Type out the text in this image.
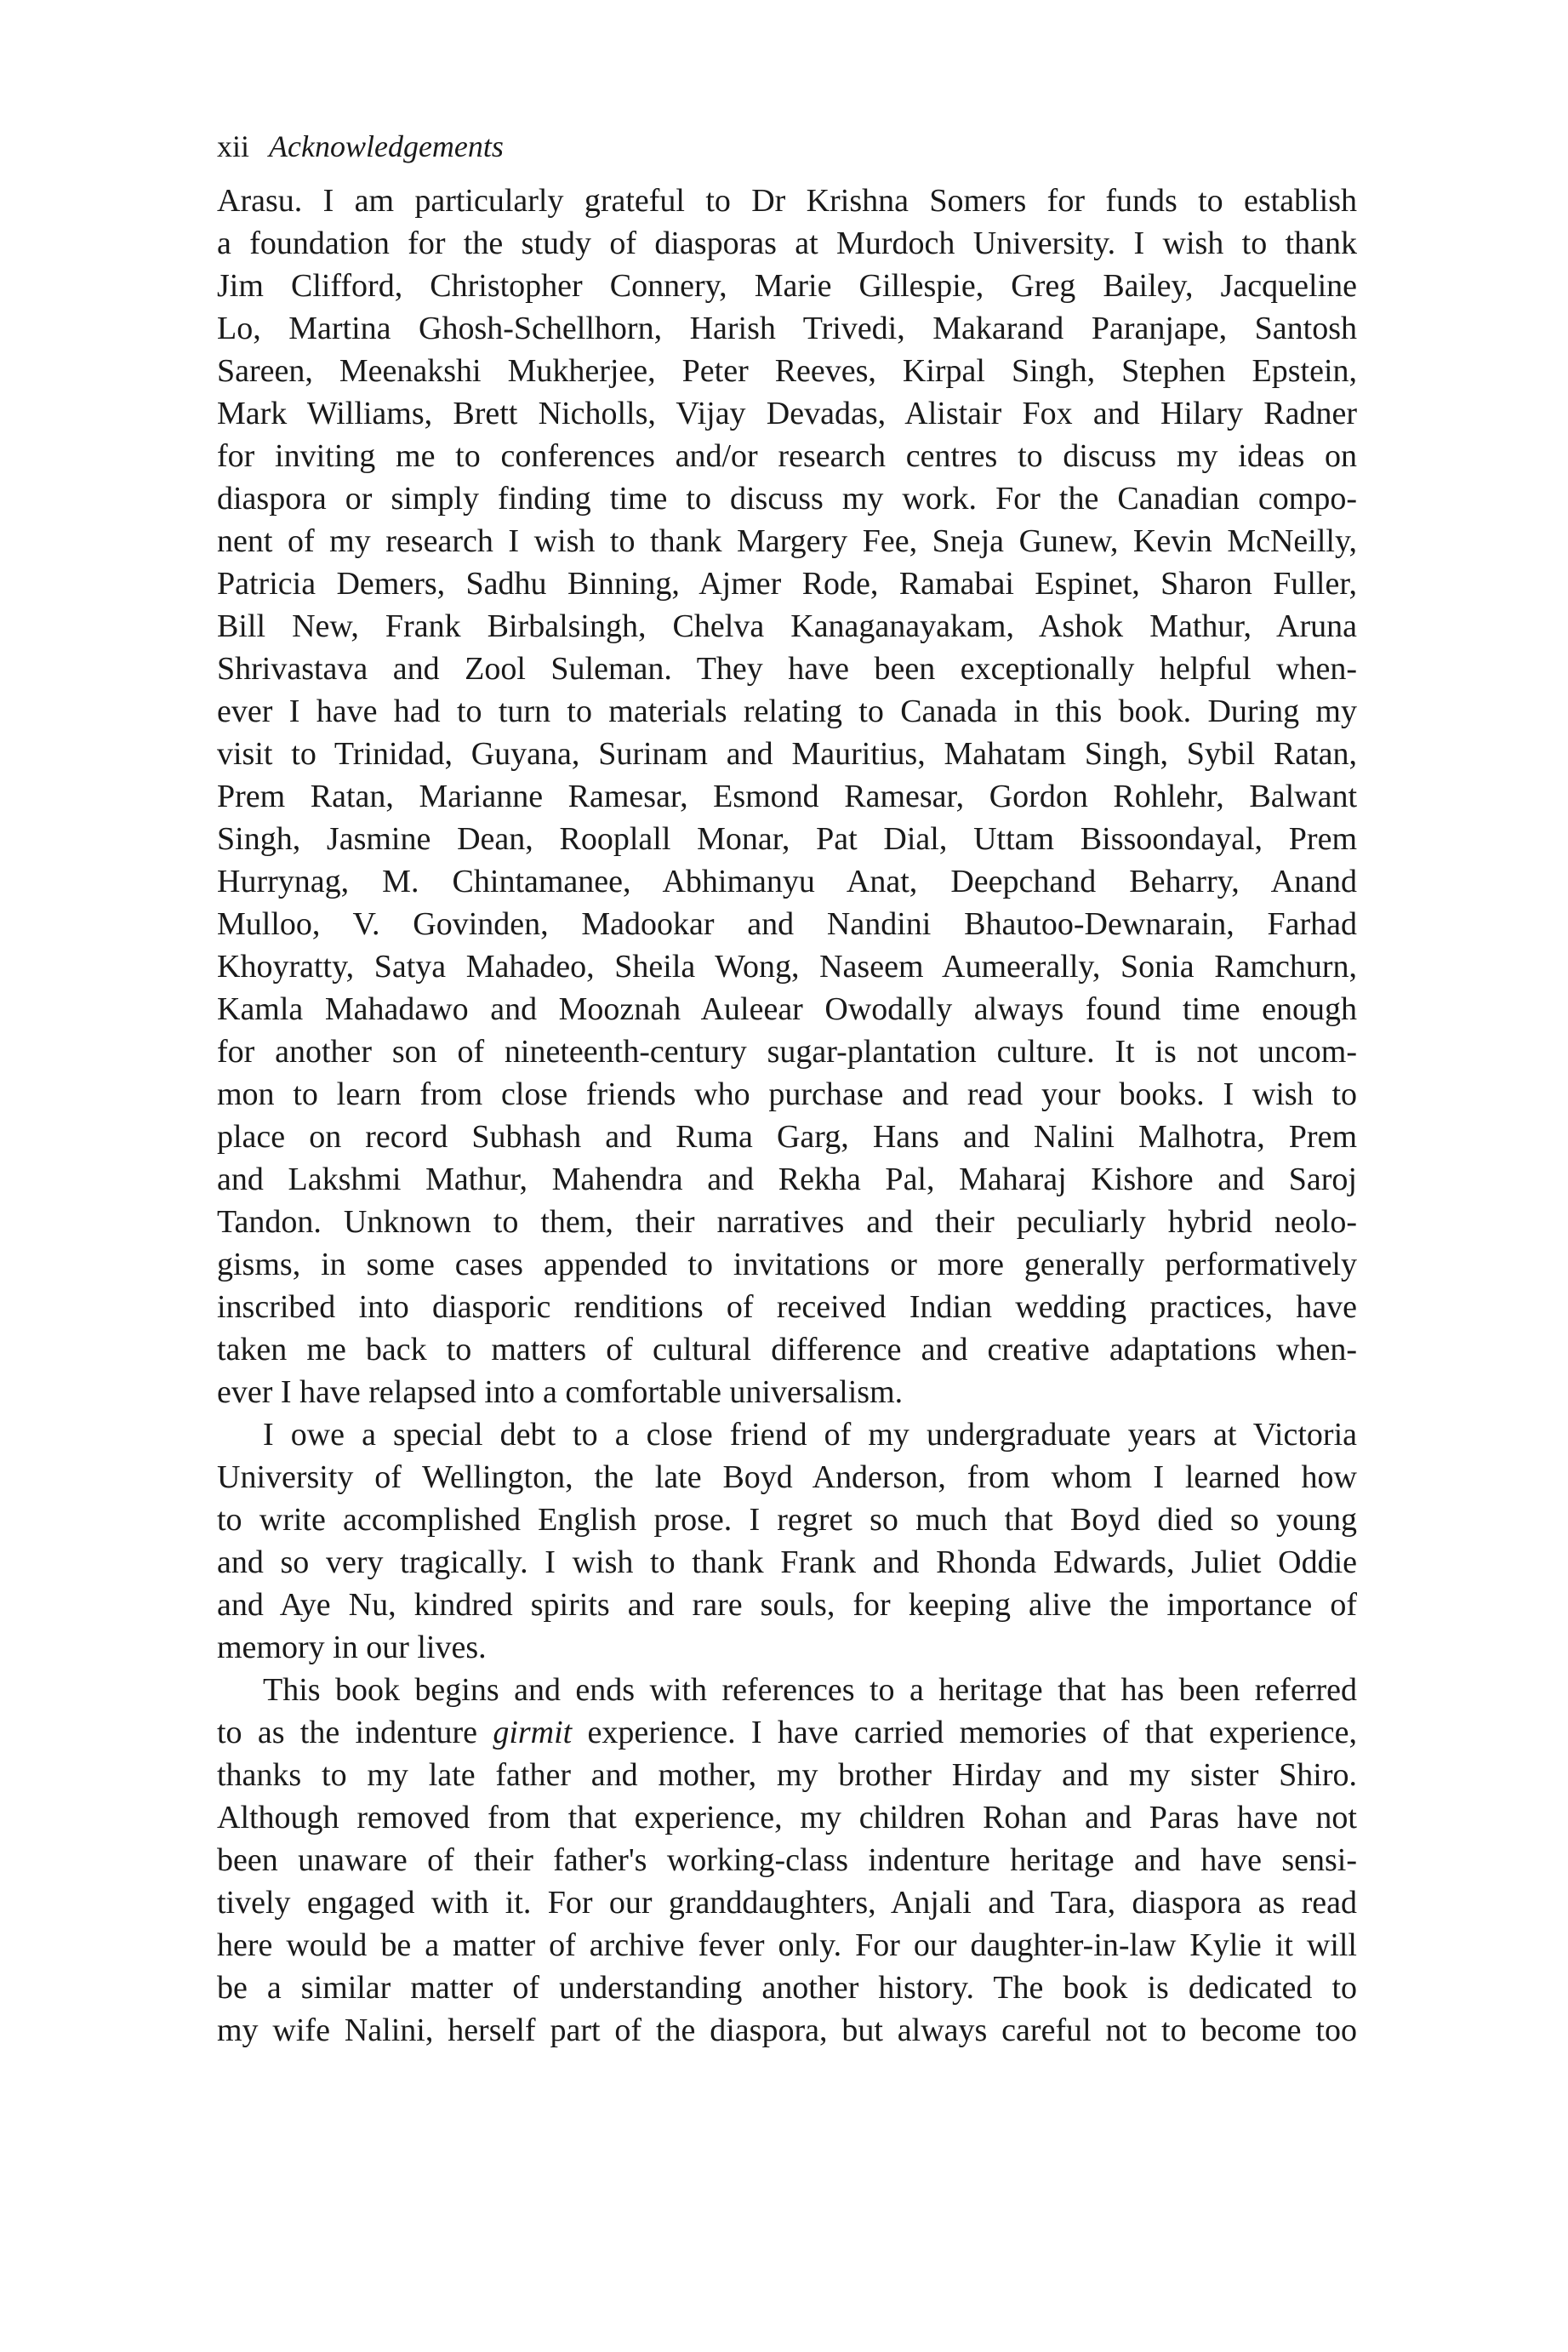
xii Acknowledgements
Arasu. I am particularly grateful to Dr Krishna Somers for funds to establish
a foundation for the study of diasporas at Murdoch University. I wish to thank
Jim Clifford, Christopher Connery, Marie Gillespie, Greg Bailey, Jacqueline
Lo, Martina Ghosh-Schellhorn, Harish Trivedi, Makarand Paranjape, Santosh
Sareen, Meenakshi Mukherjee, Peter Reeves, Kirpal Singh, Stephen Epstein,
Mark Williams, Brett Nicholls, Vijay Devadas, Alistair Fox and Hilary Radner
for inviting me to conferences and/or research centres to discuss my ideas on
diaspora or simply finding time to discuss my work. For the Canadian compo-
nent of my research I wish to thank Margery Fee, Sneja Gunew, Kevin McNeilly,
Patricia Demers, Sadhu Binning, Ajmer Rode, Ramabai Espinet, Sharon Fuller,
Bill New, Frank Birbalsingh, Chelva Kanaganayakam, Ashok Mathur, Aruna
Shrivastava and Zool Suleman. They have been exceptionally helpful when-
ever I have had to turn to materials relating to Canada in this book. During my
visit to Trinidad, Guyana, Surinam and Mauritius, Mahatam Singh, Sybil Ratan,
Prem Ratan, Marianne Ramesar, Esmond Ramesar, Gordon Rohlehr, Balwant
Singh, Jasmine Dean, Rooplall Monar, Pat Dial, Uttam Bissoondayal, Prem
Hurrynag, M. Chintamanee, Abhimanyu Anat, Deepchand Beharry, Anand
Mulloo, V. Govinden, Madookar and Nandini Bhautoo-Dewnarain, Farhad
Khoyratty, Satya Mahadeo, Sheila Wong, Naseem Aumeerally, Sonia Ramchurn,
Kamla Mahadawo and Mooznah Auleear Owodally always found time enough
for another son of nineteenth-century sugar-plantation culture. It is not uncom-
mon to learn from close friends who purchase and read your books. I wish to
place on record Subhash and Ruma Garg, Hans and Nalini Malhotra, Prem
and Lakshmi Mathur, Mahendra and Rekha Pal, Maharaj Kishore and Saroj
Tandon. Unknown to them, their narratives and their peculiarly hybrid neolo-
gisms, in some cases appended to invitations or more generally performatively
inscribed into diasporic renditions of received Indian wedding practices, have
taken me back to matters of cultural difference and creative adaptations when-
ever I have relapsed into a comfortable universalism.
I owe a special debt to a close friend of my undergraduate years at Victoria
University of Wellington, the late Boyd Anderson, from whom I learned how
to write accomplished English prose. I regret so much that Boyd died so young
and so very tragically. I wish to thank Frank and Rhonda Edwards, Juliet Oddie
and Aye Nu, kindred spirits and rare souls, for keeping alive the importance of
memory in our lives.
This book begins and ends with references to a heritage that has been referred
to as the indenture girmit experience. I have carried memories of that experience,
thanks to my late father and mother, my brother Hirday and my sister Shiro.
Although removed from that experience, my children Rohan and Paras have not
been unaware of their father's working-class indenture heritage and have sensi-
tively engaged with it. For our granddaughters, Anjali and Tara, diaspora as read
here would be a matter of archive fever only. For our daughter-in-law Kylie it will
be a similar matter of understanding another history. The book is dedicated to
my wife Nalini, herself part of the diaspora, but always careful not to become too
